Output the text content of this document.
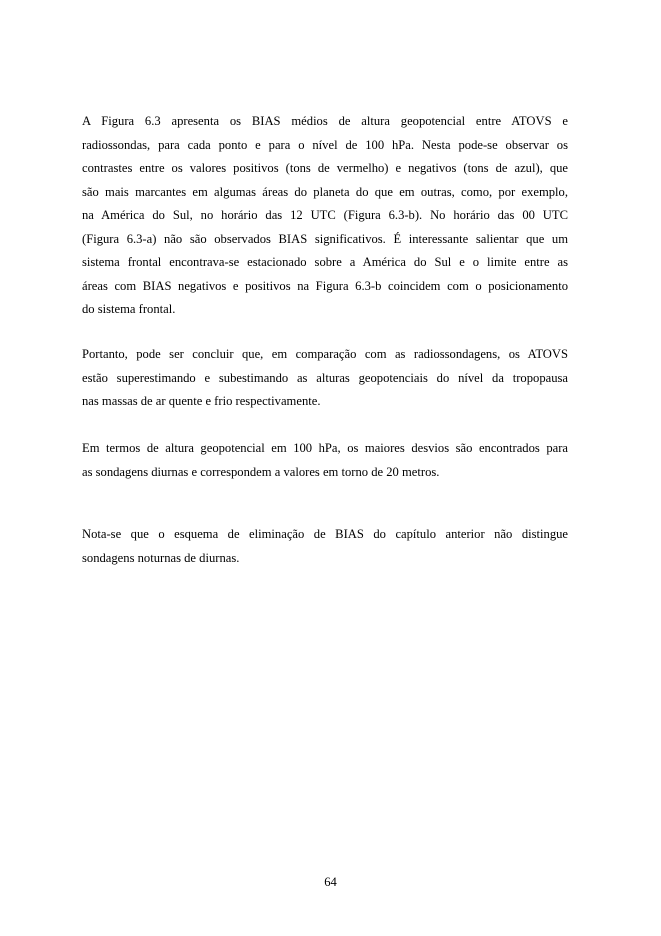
A Figura 6.3 apresenta os BIAS médios de altura geopotencial entre ATOVS e
radiossondas, para cada ponto e para o nível de 100 hPa. Nesta pode-se observar os
contrastes entre os valores positivos (tons de vermelho) e negativos (tons de azul), que
são mais marcantes em algumas áreas do planeta do que em outras, como, por exemplo,
na América do Sul, no horário das 12 UTC (Figura 6.3-b). No horário das 00 UTC
(Figura 6.3-a) não são observados BIAS significativos. É interessante salientar que um
sistema frontal encontrava-se estacionado sobre a América do Sul e o limite entre as
áreas com BIAS negativos e positivos na Figura 6.3-b coincidem com o posicionamento
do sistema frontal.

Portanto, pode ser concluir que, em comparação com as radiossondagens, os ATOVS
estão superestimando e subestimando as alturas geopotenciais do nível da tropopausa
nas massas de ar quente e frio respectivamente.

Em termos de altura geopotencial em 100 hPa, os maiores desvios são encontrados para
as sondagens diurnas e correspondem a valores em torno de 20 metros.

Nota-se que o esquema de eliminação de BIAS do capítulo anterior não distingue
sondagens noturnas de diurnas.

64
